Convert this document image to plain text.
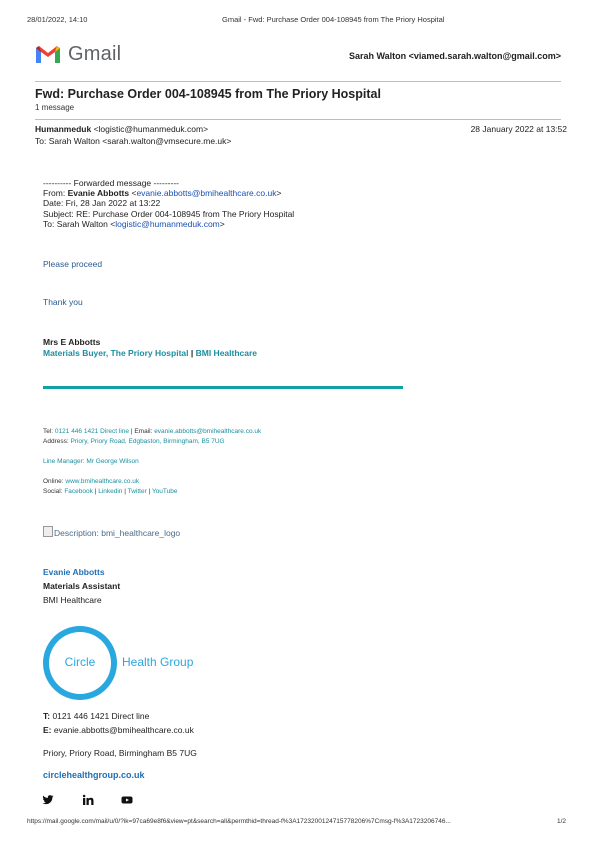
28/01/2022, 14:10	Gmail - Fwd: Purchase Order 004-108945 from The Priory Hospital
Gmail	Sarah Walton <viamed.sarah.walton@gmail.com>
Fwd: Purchase Order 004-108945 from The Priory Hospital
1 message
Humanmeduk <logistic@humanmeduk.com>	28 January 2022 at 13:52
To: Sarah Walton <sarah.walton@vmsecure.me.uk>
---------- Forwarded message ---------
From: Evanie Abbotts <evanie.abbotts@bmihealthcare.co.uk>
Date: Fri, 28 Jan 2022 at 13:22
Subject: RE: Purchase Order 004-108945 from The Priory Hospital
To: Sarah Walton <logistic@humanmeduk.com>
Please proceed
Thank you
Mrs E Abbotts
Materials Buyer, The Priory Hospital | BMI Healthcare
Tel: 0121 446 1421 Direct line | Email: evanie.abbotts@bmihealthcare.co.uk
Address: Priory, Priory Road, Edgbaston, Birmingham, B5 7UG
Line Manager: Mr George Wilson
Online: www.bmihealthcare.co.uk
Social: Facebook | Linkedin | Twitter | YouTube
Description: bmi_healthcare_logo
Evanie Abbotts
Materials Assistant
BMI Healthcare
Circle	Health Group
T: 0121 446 1421 Direct line
E: evanie.abbotts@bmihealthcare.co.uk
Priory, Priory Road, Birmingham B5 7UG
circlehealthgroup.co.uk
https://mail.google.com/mail/u/0/?ik=97ca69e8f6&view=pt&search=all&permthid=thread-f%3A1723200124715778206%7Cmsg-f%3A1723206746...	1/2
